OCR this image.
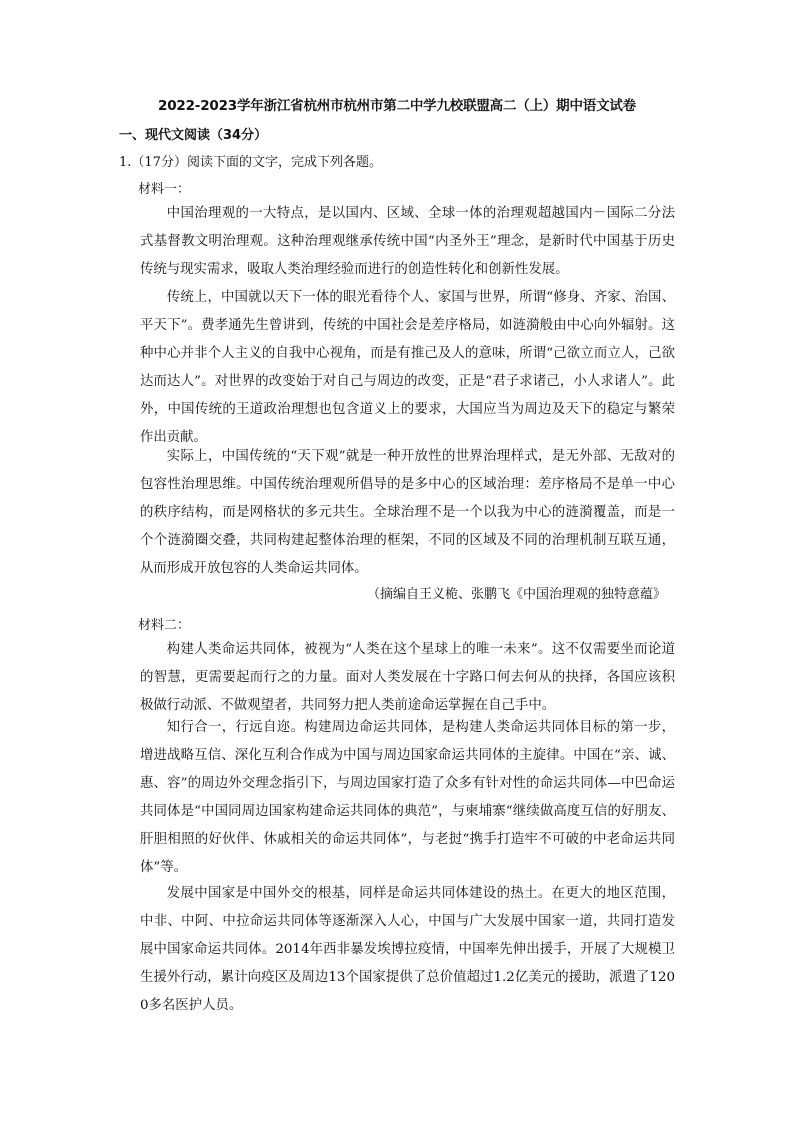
2022-2023学年浙江省杭州市杭州市第二中学九校联盟高二（上）期中语文试卷
一、现代文阅读（34分）
1.（17分）阅读下面的文字，完成下列各题。
材料一：

中国治理观的一大特点，是以国内、区域、全球一体的治理观超越国内－国际二分法式基督教文明治理观。这种治理观继承传统中国“内圣外王”理念，是新时代中国基于历史传统与现实需求，吸取人类治理经验而进行的创造性转化和创新性发展。

传统上，中国就以天下一体的眼光看待个人、家国与世界，所谓“修身、齐家、治国、平天下”。费孝通先生曾讲到，传统的中国社会是差序格局，如涟漪般由中心向外辐射。这种中心并非个人主义的自我中心视角，而是有推己及人的意味，所谓“己欲立而立人，己欲达而达人”。对世界的改变始于对自己与周边的改变，正是“君子求诸己，小人求诸人”。此外，中国传统的王道政治理想也包含道义上的要求，大国应当为周边及天下的稳定与繁荣作出贡献。

实际上，中国传统的“天下观”就是一种开放性的世界治理样式，是无外部、无敌对的包容性治理思维。中国传统治理观所倡导的是多中心的区域治理：差序格局不是单一中心的秩序结构，而是网格状的多元共生。全球治理不是一个以我为中心的涟漪覆盖，而是一个个涟漪圈交叠，共同构建起整体治理的框架，不同的区域及不同的治理机制互联互通，从而形成开放包容的人类命运共同体。

（摘编自王义桅、张鹏飞《中国治理观的独特意蕴》
材料二：

构建人类命运共同体，被视为“人类在这个星球上的唯一未来”。这不仅需要坐而论道的智慧，更需要起而行之的力量。面对人类发展在十字路口何去何从的抉择，各国应该积极做行动派、不做观望者，共同努力把人类前途命运掌握在自己手中。

知行合一，行远自迩。构建周边命运共同体，是构建人类命运共同体目标的第一步，增进战略互信、深化互利合作成为中国与周边国家命运共同体的主旋律。中国在“亲、诚、惠、容”的周边外交理念指引下，与周边国家打造了众多有针对性的命运共同体—中巴命运共同体是“中国同周边国家构建命运共同体的典范”，与柬埔寨“继续做高度互信的好朋友、肝胆相照的好伙伴、休戚相关的命运共同体”，与老挝“携手打造牢不可破的中老命运共同体”等。

发展中国家是中国外交的根基，同样是命运共同体建设的热土。在更大的地区范围，中非、中阿、中拉命运共同体等逐渐深入人心，中国与广大发展中国家一道，共同打造发展中国家命运共同体。2014年西非暴发埃博拉疫情，中国率先伸出援手，开展了大规模卫生援外行动，累计向疫区及周边13个国家提供了总价值超过1.2亿美元的援助，派遣了1200多名医护人员。
